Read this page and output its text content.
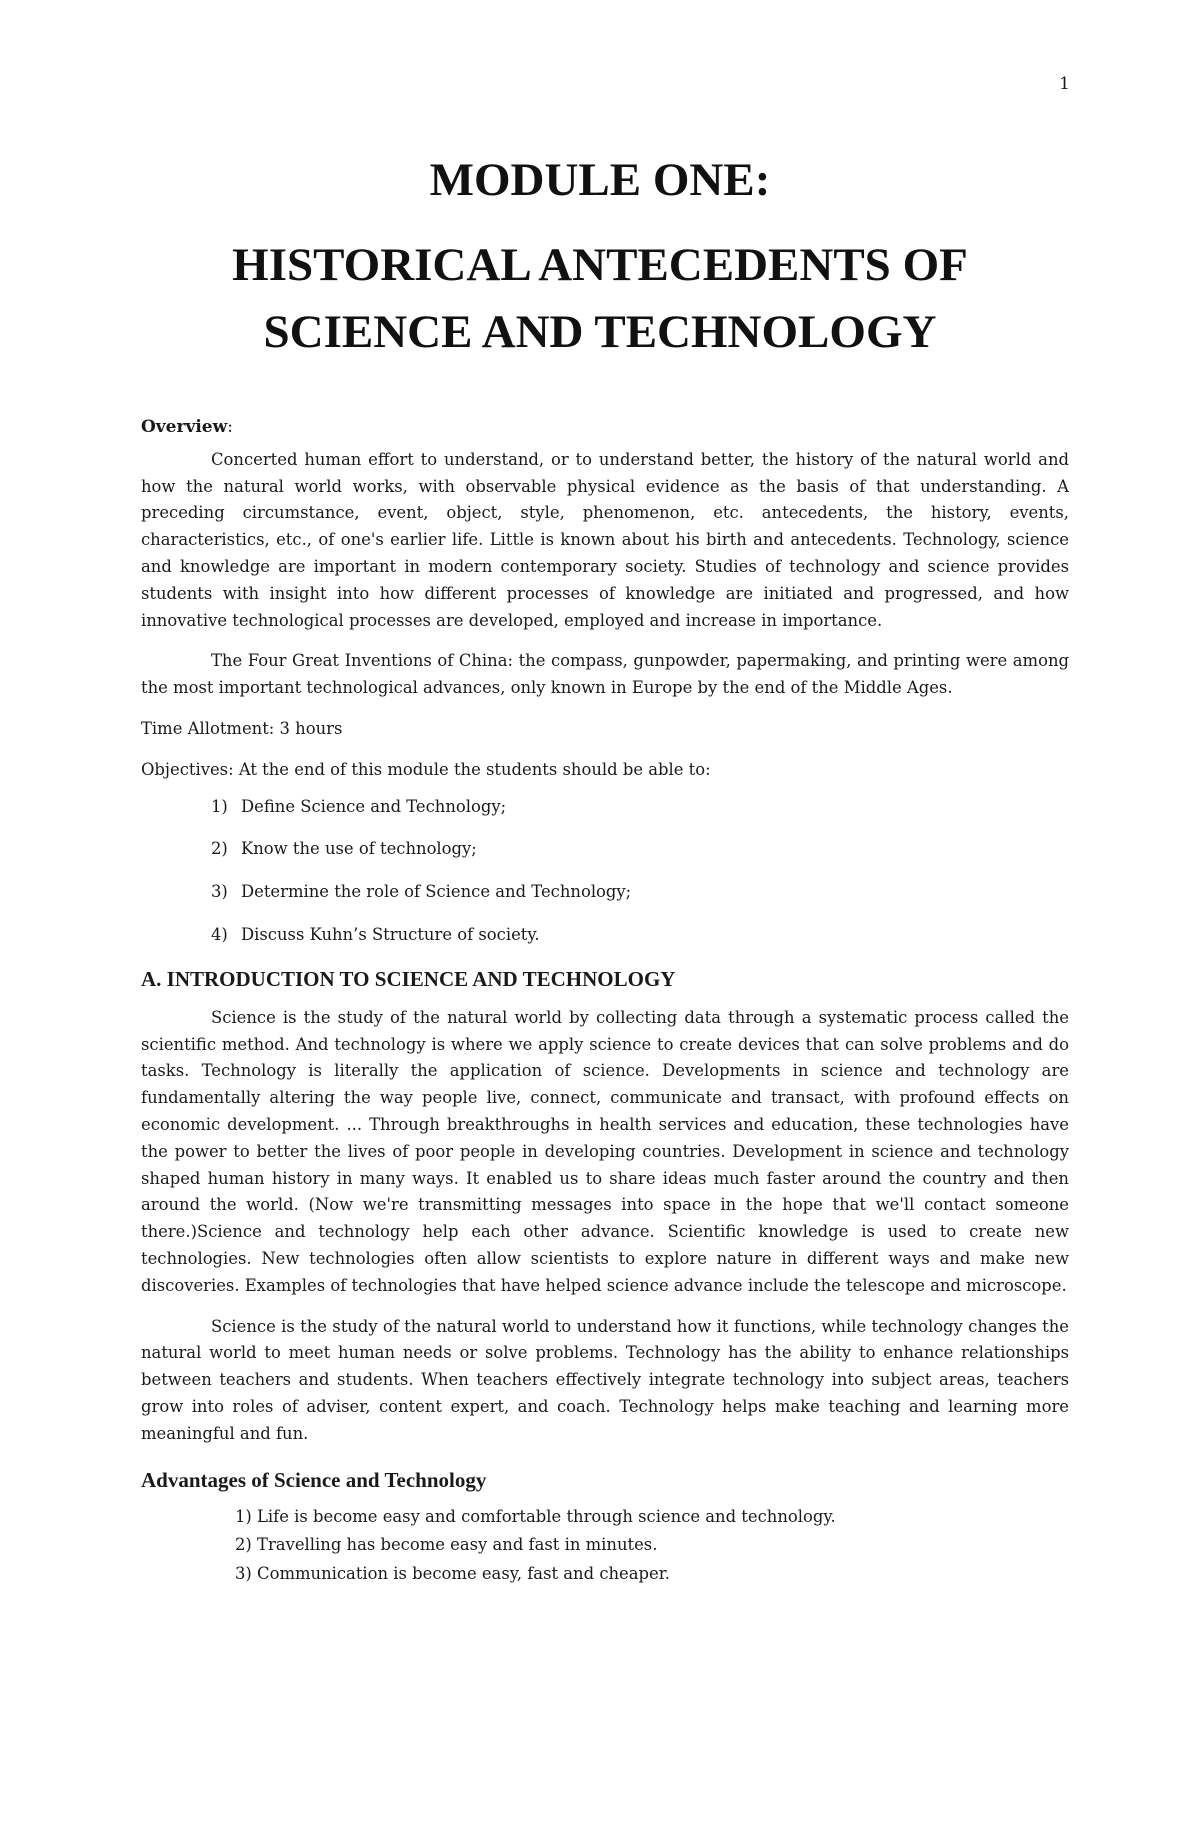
1
MODULE ONE:
HISTORICAL ANTECEDENTS OF
SCIENCE AND TECHNOLOGY
Overview:

Concerted human effort to understand, or to understand better, the history of the natural world and how the natural world works, with observable physical evidence as the basis of that understanding. A preceding circumstance, event, object, style, phenomenon, etc. antecedents, the history, events, characteristics, etc., of one's earlier life. Little is known about his birth and antecedents. Technology, science and knowledge are important in modern contemporary society. Studies of technology and science provides students with insight into how different processes of knowledge are initiated and progressed, and how innovative technological processes are developed, employed and increase in importance.

The Four Great Inventions of China: the compass, gunpowder, papermaking, and printing were among the most important technological advances, only known in Europe by the end of the Middle Ages.

Time Allotment: 3 hours

Objectives: At the end of this module the students should be able to:

1) Define Science and Technology;
2) Know the use of technology;
3) Determine the role of Science and Technology;
4) Discuss Kuhn’s Structure of society.
A. INTRODUCTION TO SCIENCE AND TECHNOLOGY

Science is the study of the natural world by collecting data through a systematic process called the scientific method. And technology is where we apply science to create devices that can solve problems and do tasks. Technology is literally the application of science. Developments in science and technology are fundamentally altering the way people live, connect, communicate and transact, with profound effects on economic development. ... Through breakthroughs in health services and education, these technologies have the power to better the lives of poor people in developing countries. Development in science and technology shaped human history in many ways. It enabled us to share ideas much faster around the country and then around the world. (Now we're transmitting messages into space in the hope that we'll contact someone there.)Science and technology help each other advance. Scientific knowledge is used to create new technologies. New technologies often allow scientists to explore nature in different ways and make new discoveries. Examples of technologies that have helped science advance include the telescope and microscope.

Science is the study of the natural world to understand how it functions, while technology changes the natural world to meet human needs or solve problems. Technology has the ability to enhance relationships between teachers and students. When teachers effectively integrate technology into subject areas, teachers grow into roles of adviser, content expert, and coach. Technology helps make teaching and learning more meaningful and fun.

Advantages of Science and Technology
1) Life is become easy and comfortable through science and technology.
2) Travelling has become easy and fast in minutes.
3) Communication is become easy, fast and cheaper.
